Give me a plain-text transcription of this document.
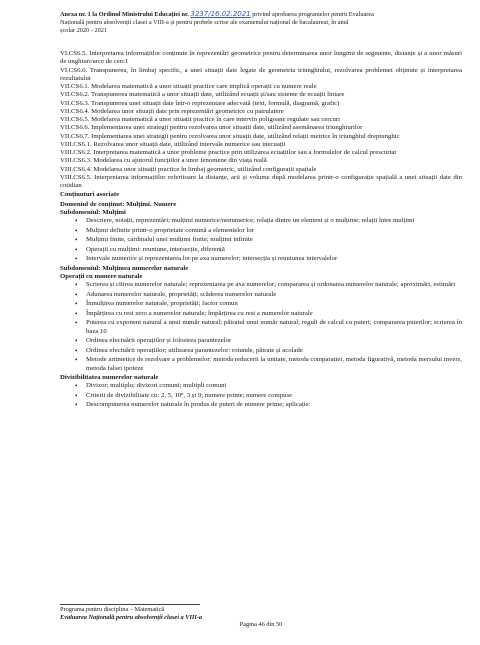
Anexa nr. 1 la Ordinul Ministrului Educației nr. 3237/16.02.2021 privind aprobarea programelor pentru Evaluarea
Națională pentru absolvenții clasei a VIII-a și pentru probele scrise ale examenului național de bacalaureat, în anul
școlar 2020 - 2021

VI.CS6.5. Interpretarea informațiilor conținute în reprezentări geometrice pentru determinarea unor lungimi de segmente, distanțe și a unor măsuri de unghiuri/arce de cerc1

VI.CS6.6. Transpunerea, în limbaj specific, a unei situații date legate de geometria triunghiului, rezolvarea problemei obținute și interpretarea rezultatului

VII.CS6.1. Modelarea matematică a unor situații practice care implică operații cu numere reale

VII.CS6.2. Transpunerea matematică a unor situații date, utilizând ecuații și/sau sisteme de ecuații liniare

VII.CS6.3. Transpunerea unei situații date într-o reprezentare adecvată (text, formulă, diagramă, grafic)

VII.CS6.4. Modelarea unor situații date prin reprezentări geometrice cu patrulatere

VII.CS6.5. Modelarea matematică a unor situații practice în care intervin poligoane regulate sau cercuri

VII.CS6.6. Implementarea unei strategii pentru rezolvarea unor situații date, utilizând asemănarea triunghiurilor

VII.CS6.7. Implementarea unei strategii pentru rezolvarea unor situații date, utilizând relații metrice în triunghiul dreptunghic

VIII.CS6.1. Rezolvarea unor situații date, utilizând intervale numerice sau inecuații

VIII.CS6.2. Interpretarea matematică a unor probleme practice prin utilizarea ecuațiilor sau a formulelor de calcul prescurtat

VIII.CS6.3. Modelarea cu ajutorul funcțiilor a unor fenomene din viața reală

VIII.CS6.4. Modelarea unor situații practice în limbaj geometric, utilizând configurații spațiale

VIII.CS6.5. Interpretarea informațiilor referitoare la distanțe, arii și volume după modelarea printr-o configurație spațială a unei situații date din cotidian

Conținuturi asociate
Domeniul de conținut: Mulțimi. Numere
Subdomeniul: Mulțimi
• Descriere, notații, reprezentări; mulțimi numerice/nenumerice; relația dintre un element și o mulțime; relații între mulțimi
• Mulțimi definite printr-o proprietate comună a elementelor lor
• Mulțimi finite, cardinalul unei mulțimi finite; mulțimi infinite
• Operații cu mulțimi: reuniune, intersecție, diferență
• Intervale numerice și reprezentarea lor pe axa numerelor; intersecția și reuniunea intervalelor
Subdomeniul: Mulțimea numerelor naturale
Operații cu numere naturale
• Scrierea și citirea numerelor naturale; reprezentarea pe axa numerelor; compararea și ordonarea numerelor naturale; aproximări, estimări
• Adunarea numerelor naturale, proprietăți; scăderea numerelor naturale
• Înmulțirea numerelor naturale, proprietăți; factor comun
• Împărțirea cu rest zero a numerelor naturale; împărțirea cu rest a numerelor naturale
• Puterea cu exponent natural a unui număr natural; pătratul unui număr natural; reguli de calcul cu puteri; compararea puterilor; scrierea în baza 10
• Ordinea efectuării operațiilor și folosirea parantezelor
• Ordinea efectuării operațiilor; utilizarea parantezelor: rotunde, pătrate și acolade
• Metode aritmetice de rezolvare a problemelor: metoda reducerii la unitate, metoda comparației, metoda figurativă, metoda mersului invers, metoda falsei ipoteze
Divizibilitatea numerelor naturale
• Divizor; multiplu; divizori comuni; multipli comuni
• Criterii de divizibilitate cu: 2, 5, 10ⁿ, 3 și 9; numere prime; numere compuse
• Descompunerea numerelor naturale în produs de puteri de numere prime; aplicație:

Programa pentru disciplina – Matematică

Evaluarea Națională pentru absolvenții clasei a VIII-a

Pagina 46 din 50
